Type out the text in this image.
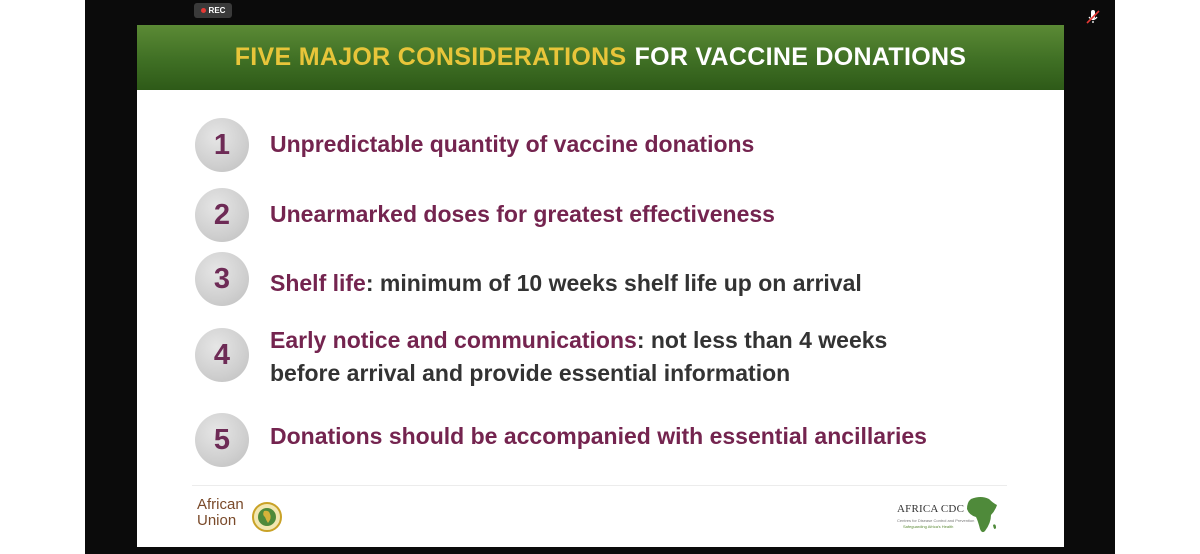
REC
FIVE MAJOR CONSIDERATIONS FOR VACCINE DONATIONS
1	Unpredictable quantity of vaccine donations
2	Unearmarked doses for greatest effectiveness
3	Shelf life: minimum of 10 weeks shelf life up on arrival
4	Early notice and communications: not less than 4 weeks
before arrival and provide essential information
5	Donations should be accompanied with essential ancillaries
African
Union
AFRICA CDC
Centres for Disease Control and Prevention
Safeguarding Africa's Health
